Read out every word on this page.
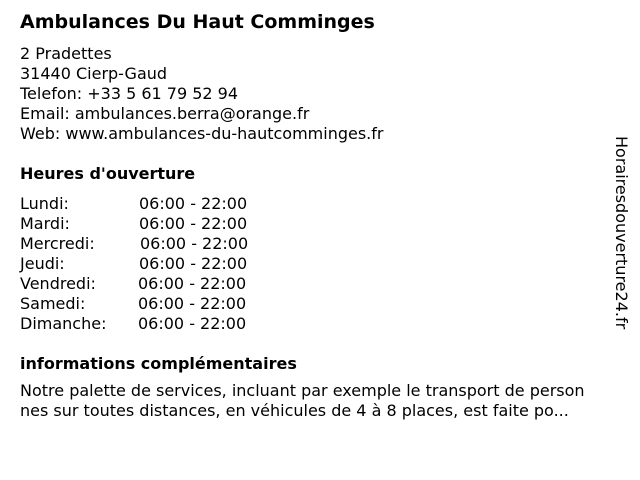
Ambulances Du Haut Comminges
2 Pradettes
31440 Cierp-Gaud
Telefon: +33 5 61 79 52 94
Email: ambulances.berra@orange.fr
Web: www.ambulances-du-hautcomminges.fr
Heures d'ouverture
Lundi:	06:00 - 22:00
Mardi:	06:00 - 22:00
Mercredi:	06:00 - 22:00
Jeudi:	06:00 - 22:00
Vendredi:	06:00 - 22:00
Samedi:	06:00 - 22:00
Dimanche: 06:00 - 22:00
informations complémentaires
Notre palette de services, incluant par exemple le transport de person
nes sur toutes distances, en véhicules de 4 à 8 places, est faite po...
Horairesdouverture24.fr
